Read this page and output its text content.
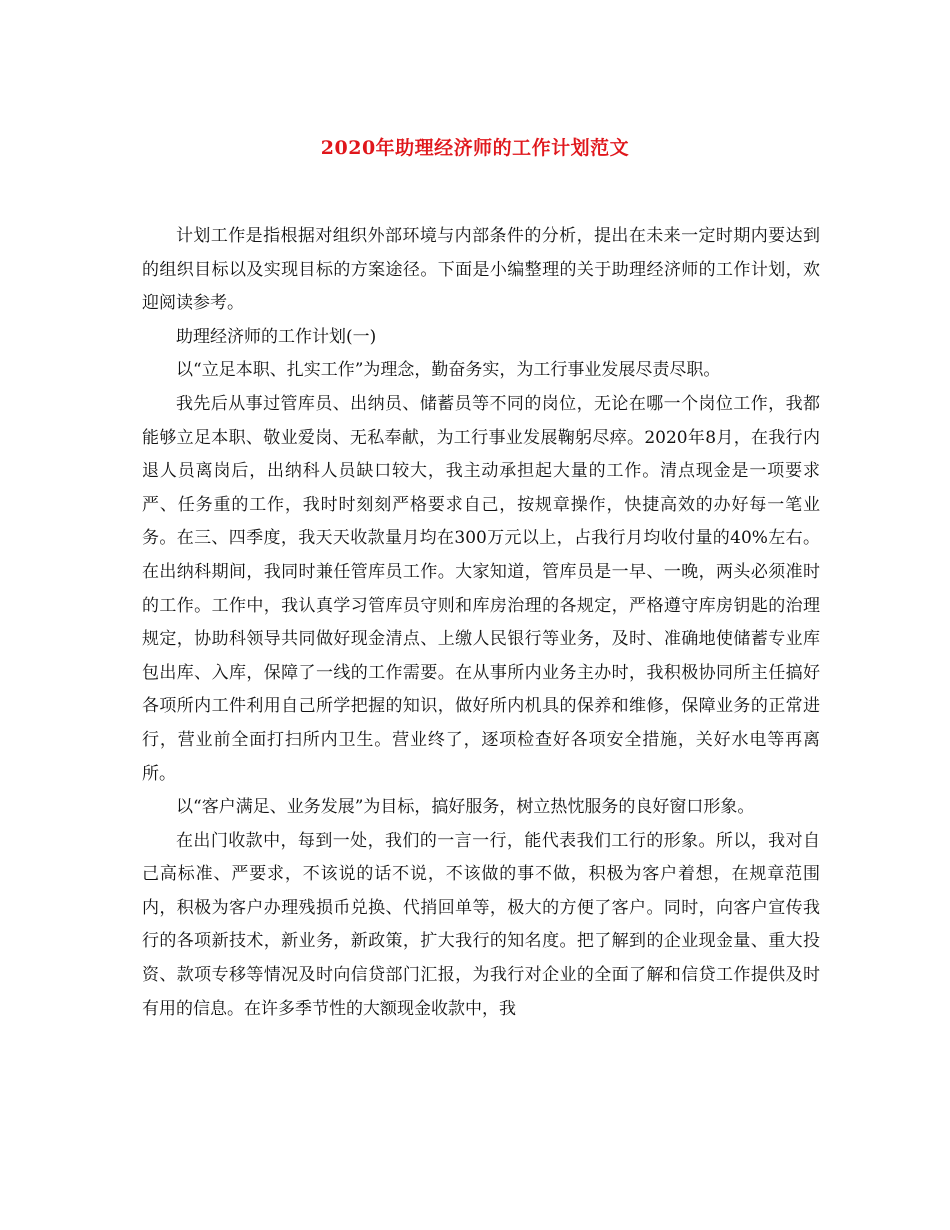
2020年助理经济师的工作计划范文

计划工作是指根据对组织外部环境与内部条件的分析，提出在未来一定时期内要达到的组织目标以及实现目标的方案途径。下面是小编整理的关于助理经济师的工作计划，欢迎阅读参考。

助理经济师的工作计划(一)

以“立足本职、扎实工作”为理念，勤奋务实，为工行事业发展尽责尽职。

我先后从事过管库员、出纳员、储蓄员等不同的岗位，无论在哪一个岗位工作，我都能够立足本职、敬业爱岗、无私奉献，为工行事业发展鞠躬尽瘁。2020年8月，在我行内退人员离岗后，出纳科人员缺口较大，我主动承担起大量的工作。清点现金是一项要求严、任务重的工作，我时时刻刻严格要求自己，按规章操作，快捷高效的办好每一笔业务。在三、四季度，我天天收款量月均在300万元以上，占我行月均收付量的40%左右。在出纳科期间，我同时兼任管库员工作。大家知道，管库员是一早、一晚，两头必须准时的工作。工作中，我认真学习管库员守则和库房治理的各规定，严格遵守库房钥匙的治理规定，协助科领导共同做好现金清点、上缴人民银行等业务，及时、准确地使储蓄专业库包出库、入库，保障了一线的工作需要。在从事所内业务主办时，我积极协同所主任搞好各项所内工件利用自己所学把握的知识，做好所内机具的保养和维修，保障业务的正常进行，营业前全面打扫所内卫生。营业终了，逐项检查好各项安全措施，关好水电等再离所。

以“客户满足、业务发展”为目标，搞好服务，树立热忱服务的良好窗口形象。

在出门收款中，每到一处，我们的一言一行，能代表我们工行的形象。所以，我对自己高标准、严要求，不该说的话不说，不该做的事不做，积极为客户着想，在规章范围内，积极为客户办理残损币兑换、代捎回单等，极大的方便了客户。同时，向客户宣传我行的各项新技术，新业务，新政策，扩大我行的知名度。把了解到的企业现金量、重大投资、款项专移等情况及时向信贷部门汇报，为我行对企业的全面了解和信贷工作提供及时有用的信息。在许多季节性的大额现金收款中，我
